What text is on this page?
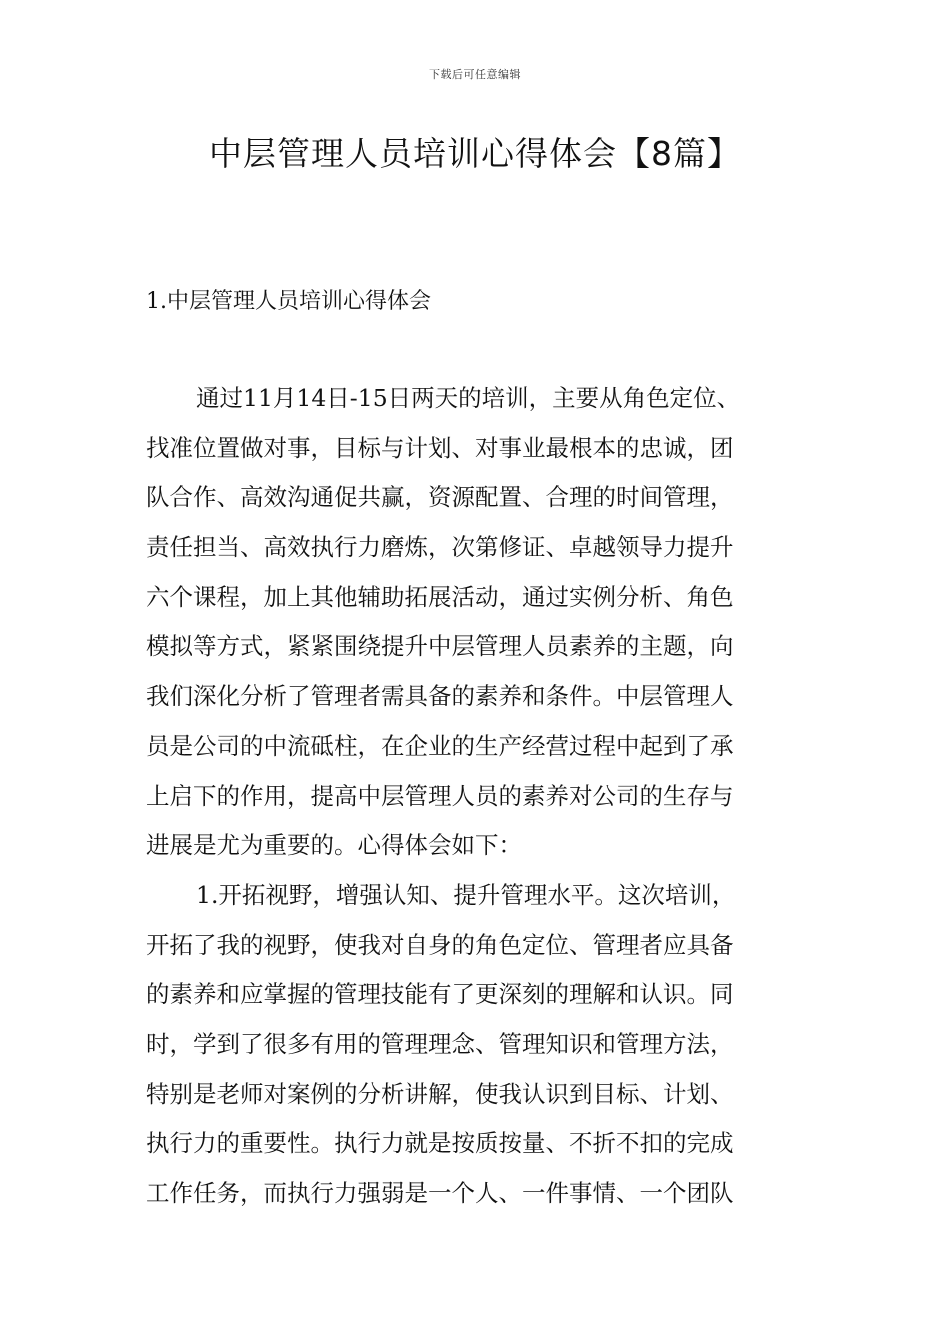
下载后可任意编辑
中层管理人员培训心得体会【8篇】
1.中层管理人员培训心得体会
通过11月14日-15日两天的培训，主要从角色定位、
找准位置做对事，目标与计划、对事业最根本的忠诚，团
队合作、高效沟通促共赢，资源配置、合理的时间管理，
责任担当、高效执行力磨炼，次第修证、卓越领导力提升
六个课程，加上其他辅助拓展活动，通过实例分析、角色
模拟等方式，紧紧围绕提升中层管理人员素养的主题，向
我们深化分析了管理者需具备的素养和条件。中层管理人
员是公司的中流砥柱，在企业的生产经营过程中起到了承
上启下的作用，提高中层管理人员的素养对公司的生存与
进展是尤为重要的。心得体会如下：
1.开拓视野，增强认知、提升管理水平。这次培训，
开拓了我的视野，使我对自身的角色定位、管理者应具备
的素养和应掌握的管理技能有了更深刻的理解和认识。同
时，学到了很多有用的管理理念、管理知识和管理方法，
特别是老师对案例的分析讲解，使我认识到目标、计划、
执行力的重要性。执行力就是按质按量、不折不扣的完成
工作任务，而执行力强弱是一个人、一件事情、一个团队
